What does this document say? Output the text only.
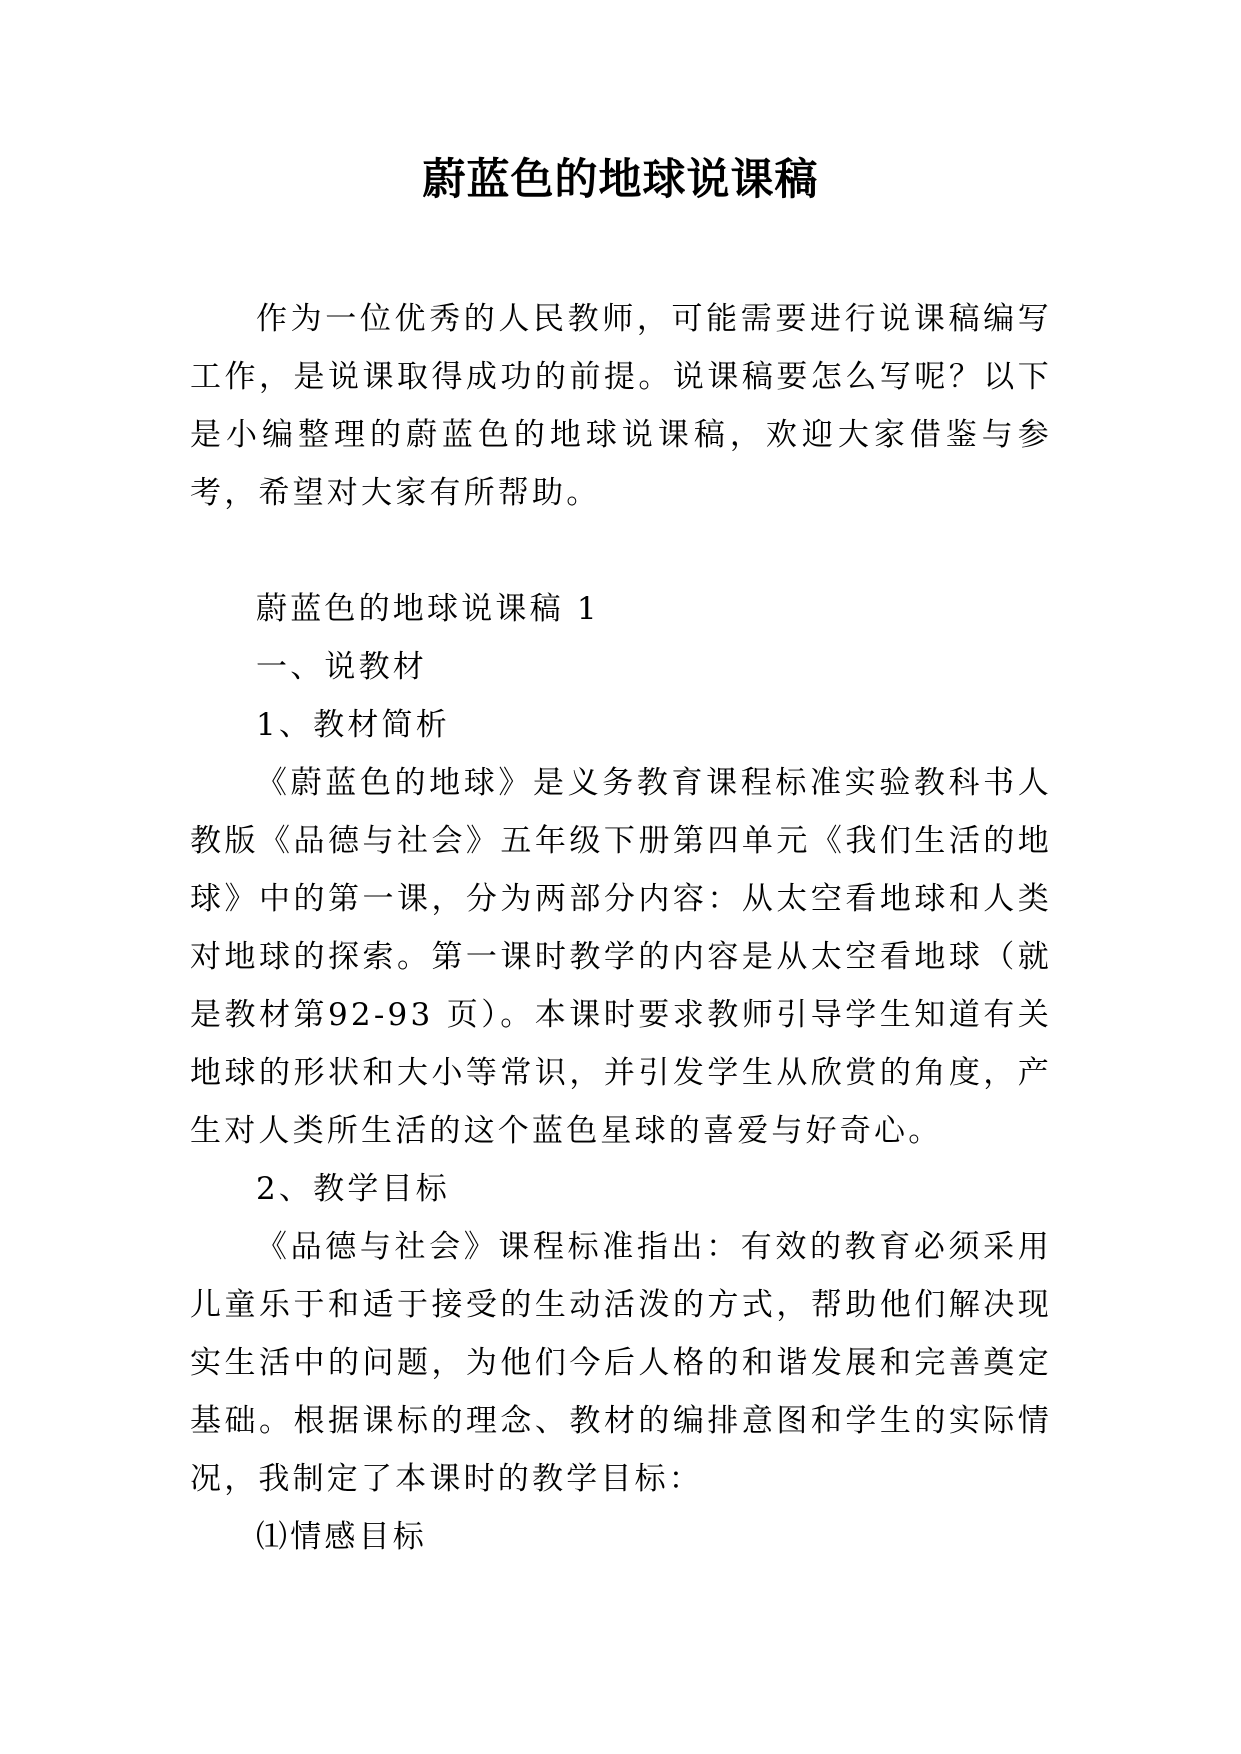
蔚蓝色的地球说课稿

作为一位优秀的人民教师，可能需要进行说课稿编写工作，是说课取得成功的前提。说课稿要怎么写呢？以下是小编整理的蔚蓝色的地球说课稿，欢迎大家借鉴与参考，希望对大家有所帮助。

蔚蓝色的地球说课稿 1

一、说教材

1、教材简析

《蔚蓝色的地球》是义务教育课程标准实验教科书人教版《品德与社会》五年级下册第四单元《我们生活的地球》中的第一课，分为两部分内容：从太空看地球和人类对地球的探索。第一课时教学的内容是从太空看地球（就是教材第92-93 页）。本课时要求教师引导学生知道有关地球的形状和大小等常识，并引发学生从欣赏的角度，产生对人类所生活的这个蓝色星球的喜爱与好奇心。

2、教学目标

《品德与社会》课程标准指出：有效的教育必须采用儿童乐于和适于接受的生动活泼的方式，帮助他们解决现实生活中的问题，为他们今后人格的和谐发展和完善奠定基础。根据课标的理念、教材的编排意图和学生的实际情况，我制定了本课时的教学目标：

⑴情感目标
